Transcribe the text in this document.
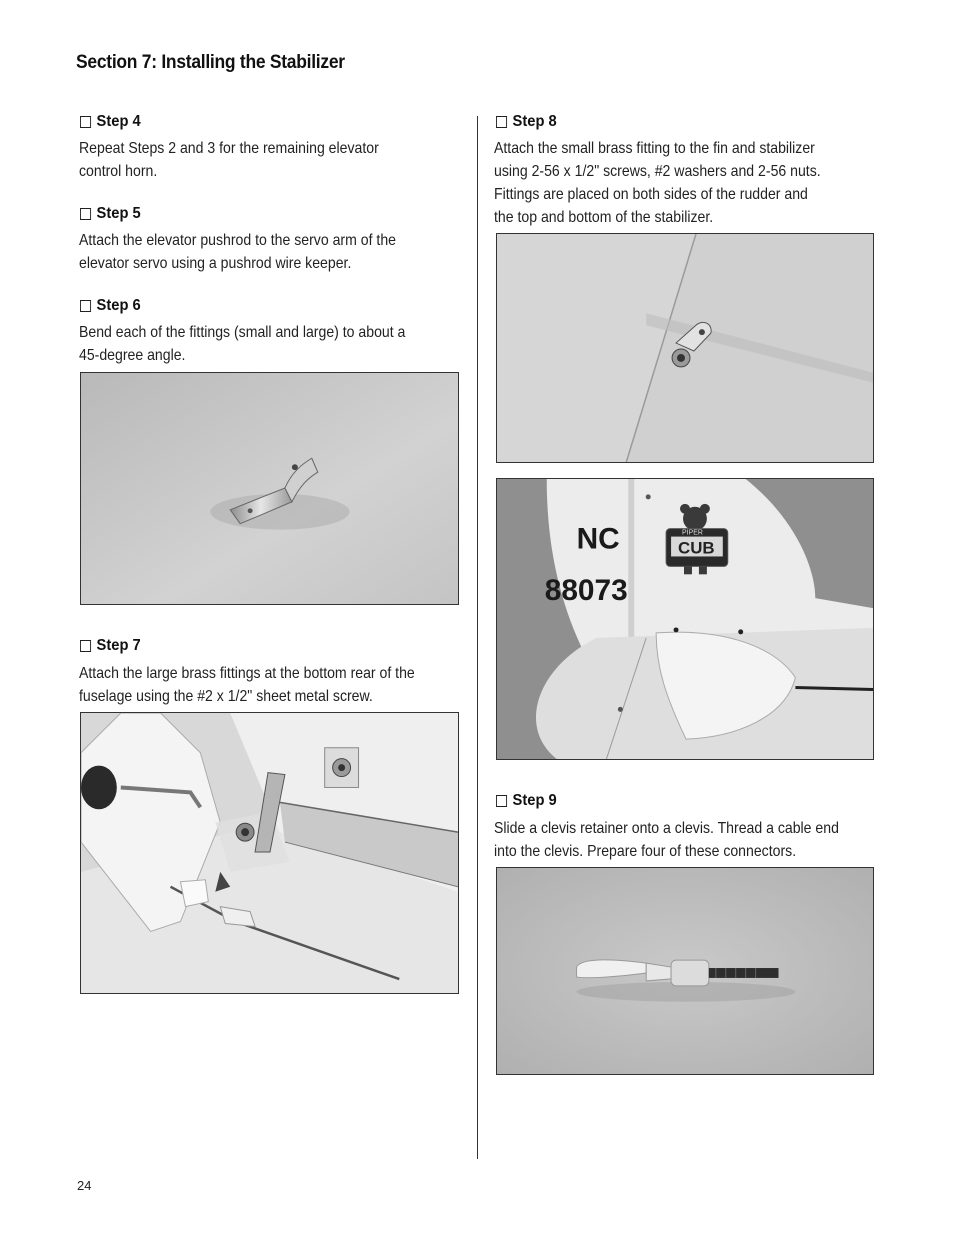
Section 7: Installing the Stabilizer
Step 4
Repeat Steps 2 and 3 for the remaining elevator
control horn.
Step 5
Attach the elevator pushrod to the servo arm of the
elevator servo using a pushrod wire keeper.
Step 6
Bend each of the fittings (small and large) to about a
45-degree angle.
Step 7
Attach the large brass fittings at the bottom rear of the
fuselage using the #2 x 1/2" sheet metal screw.
Step 8
Attach the small brass fitting to the fin and stabilizer
using 2-56 x 1/2" screws, #2 washers and 2-56 nuts.
Fittings are placed on both sides of the rudder and
the top and bottom of the stabilizer.
NC
88073
PIPER
CUB
Step 9
Slide a clevis retainer onto a clevis. Thread a cable end
into the clevis. Prepare four of these connectors.
24
